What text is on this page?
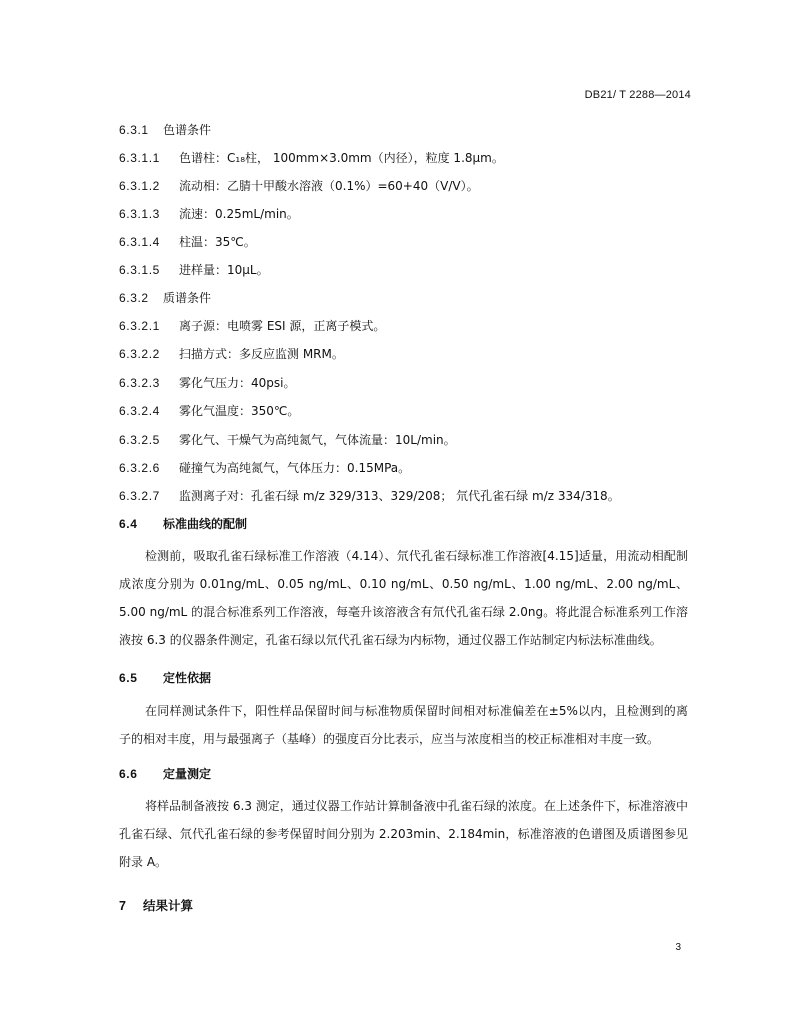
DB21/ T 2288—2014
6.3.1 色谱条件
6.3.1.1 色谱柱：C₁₈柱， 100mm×3.0mm（内径），粒度 1.8μm。
6.3.1.2 流动相：乙腈十甲酸水溶液（0.1%）=60+40（V/V）。
6.3.1.3 流速：0.25mL/min。
6.3.1.4 柱温：35℃。
6.3.1.5 进样量：10μL。
6.3.2 质谱条件
6.3.2.1 离子源：电喷雾 ESI 源，正离子模式。
6.3.2.2 扫描方式：多反应监测 MRM。
6.3.2.3 雾化气压力：40psi。
6.3.2.4 雾化气温度：350℃。
6.3.2.5 雾化气、干燥气为高纯氮气，气体流量：10L/min。
6.3.2.6 碰撞气为高纯氮气，气体压力：0.15MPa。
6.3.2.7 监测离子对：孔雀石绿 m/z 329/313、329/208； 氘代孔雀石绿 m/z 334/318。
6.4 标准曲线的配制
检测前，吸取孔雀石绿标准工作溶液（4.14）、氘代孔雀石绿标准工作溶液[4.15]适量，用流动相配制成浓度分别为 0.01ng/mL、0.05 ng/mL、0.10 ng/mL、0.50 ng/mL、1.00 ng/mL、2.00 ng/mL、5.00 ng/mL 的混合标准系列工作溶液，每毫升该溶液含有氘代孔雀石绿 2.0ng。将此混合标准系列工作溶液按 6.3 的仪器条件测定，孔雀石绿以氘代孔雀石绿为内标物，通过仪器工作站制定内标法标准曲线。
6.5 定性依据
在同样测试条件下，阳性样品保留时间与标准物质保留时间相对标准偏差在±5%以内，且检测到的离子的相对丰度，用与最强离子（基峰）的强度百分比表示，应当与浓度相当的校正标准相对丰度一致。
6.6 定量测定
将样品制备液按 6.3 测定，通过仪器工作站计算制备液中孔雀石绿的浓度。在上述条件下，标准溶液中孔雀石绿、氘代孔雀石绿的参考保留时间分别为 2.203min、2.184min，标准溶液的色谱图及质谱图参见附录 A。
7 结果计算
3
